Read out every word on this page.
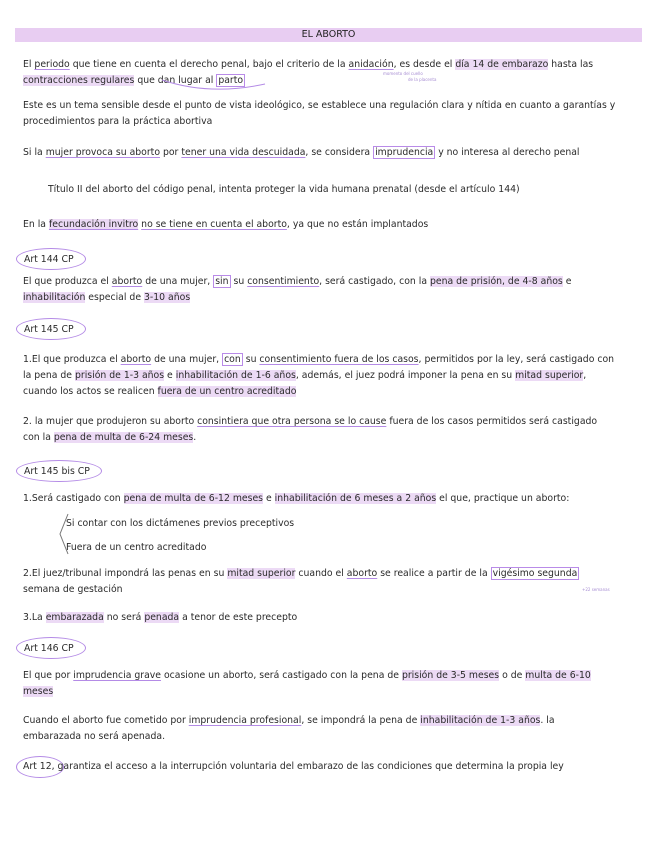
EL ABORTO
El periodo que tiene en cuenta el derecho penal, bajo el criterio de la anidación, es desde el día 14 de embarazo hasta las
contracciones regulares que dan lugar al parto
momento del cuello
de la placenta
Este es un tema sensible desde el punto de vista ideológico, se establece una regulación clara y nítida en cuanto a garantías y procedimientos para la práctica abortiva
Si la mujer provoca su aborto por tener una vida descuidada, se considera imprudencia y no interesa al derecho penal
Título II del aborto del código penal, intenta proteger la vida humana prenatal (desde el artículo 144)
En la fecundación invitro no se tiene en cuenta el aborto, ya que no están implantados
Art 144 CP
El que produzca el aborto de una mujer, sin su consentimiento, será castigado, con la pena de prisión, de 4-8 años e
inhabilitación especial de 3-10 años
Art 145 CP
1.El que produzca el aborto de una mujer, con su consentimiento fuera de los casos, permitidos por la ley, será castigado con
la pena de prisión de 1-3 años e inhabilitación de 1-6 años, además, el juez podrá imponer la pena en su mitad superior,
cuando los actos se realicen fuera de un centro acreditado
2. la mujer que produjeron su aborto consintiera que otra persona se lo cause fuera de los casos permitidos será castigado
con la pena de multa de 6-24 meses.
Art 145 bis CP
1.Será castigado con pena de multa de 6-12 meses e inhabilitación de 6 meses a 2 años el que, practique un aborto:
Si contar con los dictámenes previos preceptivos
Fuera de un centro acreditado
2.El juez/tribunal impondrá las penas en su mitad superior cuando el aborto se realice a partir de la vigésimo segunda
semana de gestación	+22 semanas
3.La embarazada no será penada a tenor de este precepto
Art 146 CP
El que por imprudencia grave ocasione un aborto, será castigado con la pena de prisión de 3-5 meses o de multa de 6-10
meses
Cuando el aborto fue cometido por imprudencia profesional, se impondrá la pena de inhabilitación de 1-3 años. la
embarazada no será apenada.
Art 12, garantiza el acceso a la interrupción voluntaria del embarazo de las condiciones que determina la propia ley
